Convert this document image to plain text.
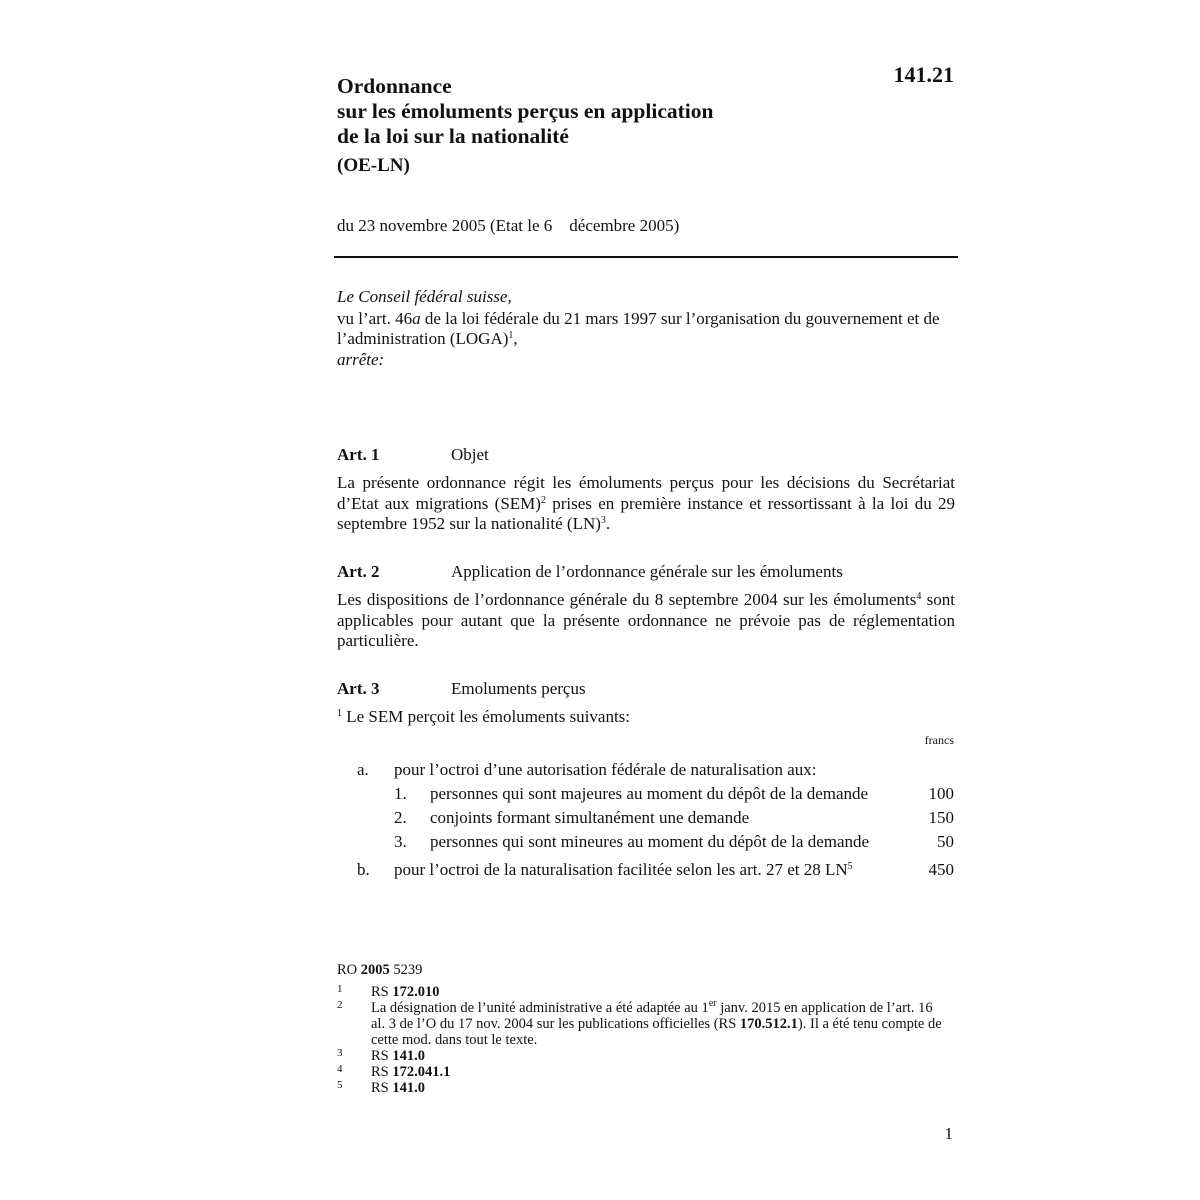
Ordonnance
sur les émoluments perçus en application
de la loi sur la nationalité
(OE-LN)
141.21
du 23 novembre 2005 (Etat le 6    décembre 2005)
Le Conseil fédéral suisse,
vu l’art. 46a de la loi fédérale du 21 mars 1997 sur l’organisation du gouvernement et de l’administration (LOGA)$^1$,
arrête:
Art. 1	Objet
La présente ordonnance régit les émoluments perçus pour les décisions du Secrétariat d’Etat aux migrations (SEM)$^2$ prises en première instance et ressortissant à la loi du 29 septembre 1952 sur la nationalité (LN)$^3$.
Art. 2	Application de l’ordonnance générale sur les émoluments
Les dispositions de l’ordonnance générale du 8 septembre 2004 sur les émoluments$^4$ sont applicables pour autant que la présente ordonnance ne prévoie pas de réglementation particulière.
Art. 3	Emoluments perçus
$^1$ Le SEM perçoit les émoluments suivants:
francs
a. pour l’octroi d’une autorisation fédérale de naturalisation aux:
1. personnes qui sont majeures au moment du dépôt de la demande	100
2. conjoints formant simultanément une demande	150
3. personnes qui sont mineures au moment du dépôt de la demande	50
b. pour l’octroi de la naturalisation facilitée selon les art. 27 et 28 $LN^5$	450
RO 2005 5239
1 RS 172.010
2 La désignation de l’unité administrative a été adaptée au 1er janv. 2015 en application de l’art. 16 al. 3 de l’O du 17 nov. 2004 sur les publications officielles (RS 170.512.1). Il a été tenu compte de cette mod. dans tout le texte.
3 RS 141.0
4 RS 172.041.1
5 RS 141.0
1
